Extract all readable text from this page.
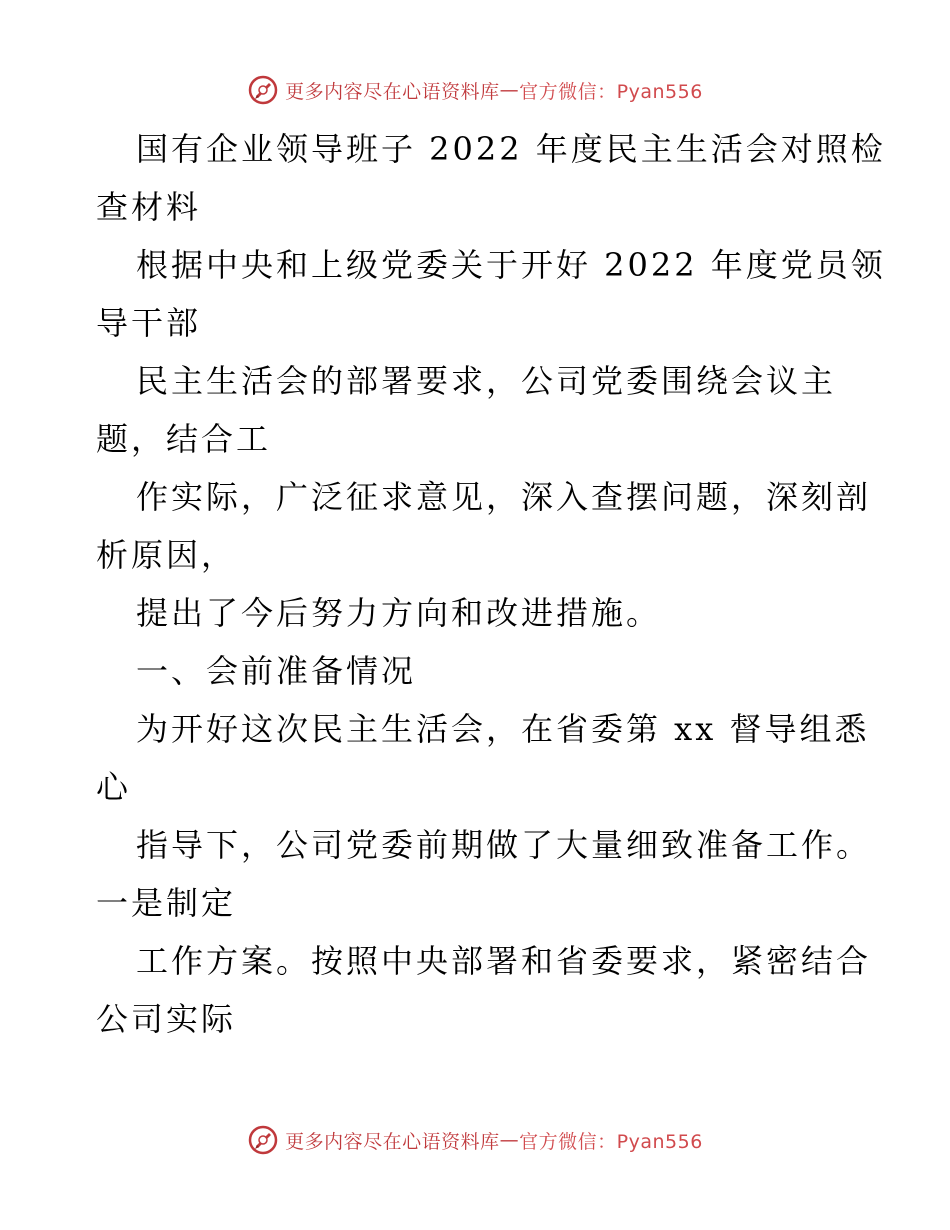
更多内容尽在心语资料库 — 官方微信：Pyan556
国有企业领导班子 2022 年度民主生活会对照检
查材料
根据中央和上级党委关于开好 2022 年度党员领
导干部
民主生活会的部署要求，公司党委围绕会议主
题，结合工
作实际，广泛征求意见，深入查摆问题，深刻剖
析原因，
提出了今后努力方向和改进措施。
一、会前准备情况
为开好这次民主生活会，在省委第 xx 督导组悉
心
指导下，公司党委前期做了大量细致准备工作。
一是制定
工作方案。按照中央部署和省委要求，紧密结合
公司实际
更多内容尽在心语资料库 — 官方微信：Pyan556
